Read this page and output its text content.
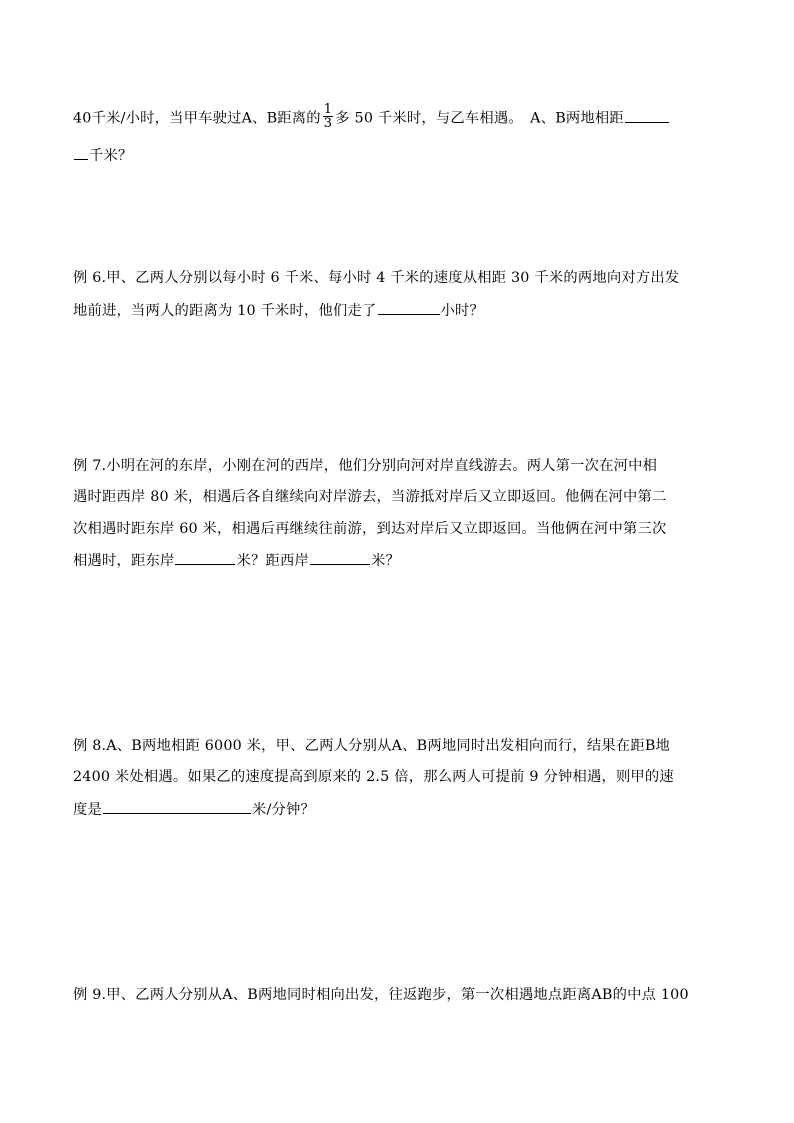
40千米/小时，当甲车驶过A、B距离的 $\frac{1}{3}$ 多 50 千米时，与乙车相遇。　A、B两地相距
千米？
例 6.甲、乙两人分别以每小时 6 千米、每小时 4 千米的速度从相距 30 千米的两地向对方出发
地前进，当两人的距离为 10 千米时，他们走了	小时？
例 7.小明在河的东岸，小刚在河的西岸，他们分别向河对岸直线游去。两人第一次在河中相
遇时距西岸 80 米，相遇后各自继续向对岸游去，当游抵对岸后又立即返回。他俩在河中第二
次相遇时距东岸 60 米，相遇后再继续往前游，到达对岸后又立即返回。当他俩在河中第三次
相遇时，距东岸	米？距西岸	米？
例 8.A、B两地相距 6000 米，甲、乙两人分别从A、B两地同时出发相向而行，结果在距B地
2400 米处相遇。如果乙的速度提高到原来的 2.5 倍，那么两人可提前 9 分钟相遇，则甲的速
度是	米/分钟？
例 9.甲、乙两人分别从A、B两地同时相向出发，往返跑步，第一次相遇地点距离AB的中点 100
